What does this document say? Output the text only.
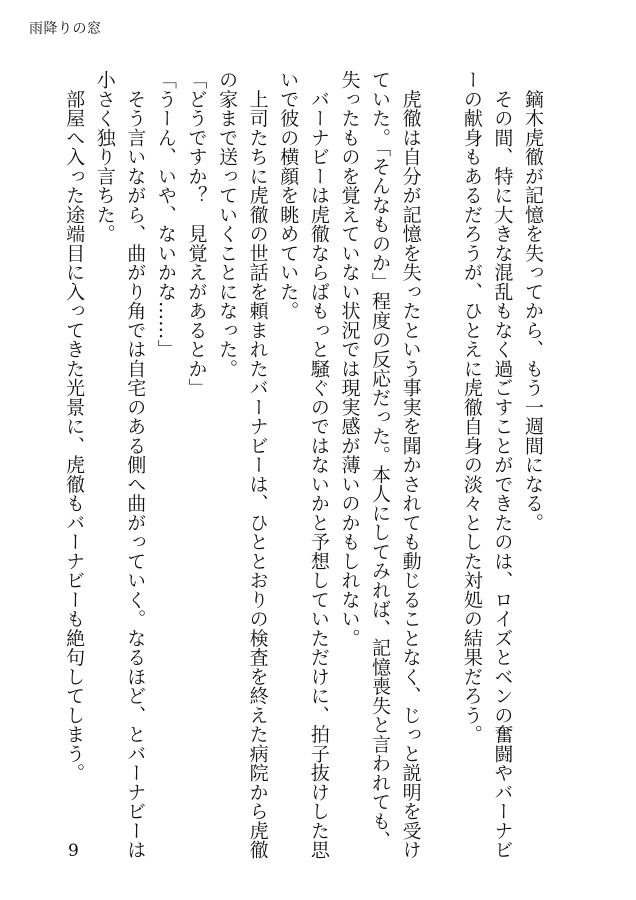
雨降りの窓

　鏑木虎徹が記憶を失ってから、もう一週間になる。

　その間、特に大きな混乱もなく過ごすことができたのは、ロイズとベンの奮闘やバーナビ

ーの献身もあるだろうが、ひとえに虎徹自身の淡々とした対処の結果だろう。

　虎徹は自分が記憶を失ったという事実を聞かされても動じることなく、じっと説明を受け

ていた。「そんなものか」程度の反応だった。本人にしてみれば、記憶喪失と言われても、

失ったものを覚えていない状況では現実感が薄いのかもしれない。

　バーナビーは虎徹ならばもっと騒ぐのではないかと予想していただけに、拍子抜けした思

いで彼の横顔を眺めていた。

　上司たちに虎徹の世話を頼まれたバーナビーは、ひととおりの検査を終えた病院から虎徹

の家まで送っていくことになった。

「どうですか？　見覚えがあるとか」

「うーん、いや、ないかな……」

　そう言いながら、曲がり角では自宅のある側へ曲がっていく。なるほど、とバーナビーは

小さく独り言ちた。

　部屋へ入った途端目に入ってきた光景に、虎徹もバーナビーも絶句してしまう。

9
